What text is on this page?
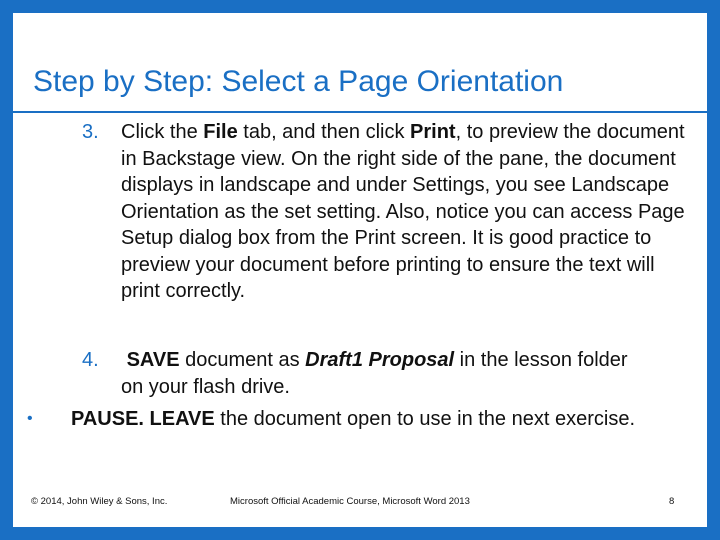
Step by Step: Select a Page Orientation
3. Click the File tab, and then click Print, to preview the document in Backstage view. On the right side of the pane, the document displays in landscape and under Settings, you see Landscape Orientation as the set setting. Also, notice you can access Page Setup dialog box from the Print screen. It is good practice to preview your document before printing to ensure the text will print correctly.
4. SAVE document as Draft1 Proposal in the lesson folder on your flash drive.
• PAUSE. LEAVE the document open to use in the next exercise.
© 2014, John Wiley & Sons, Inc.	Microsoft Official Academic Course, Microsoft Word 2013	8
